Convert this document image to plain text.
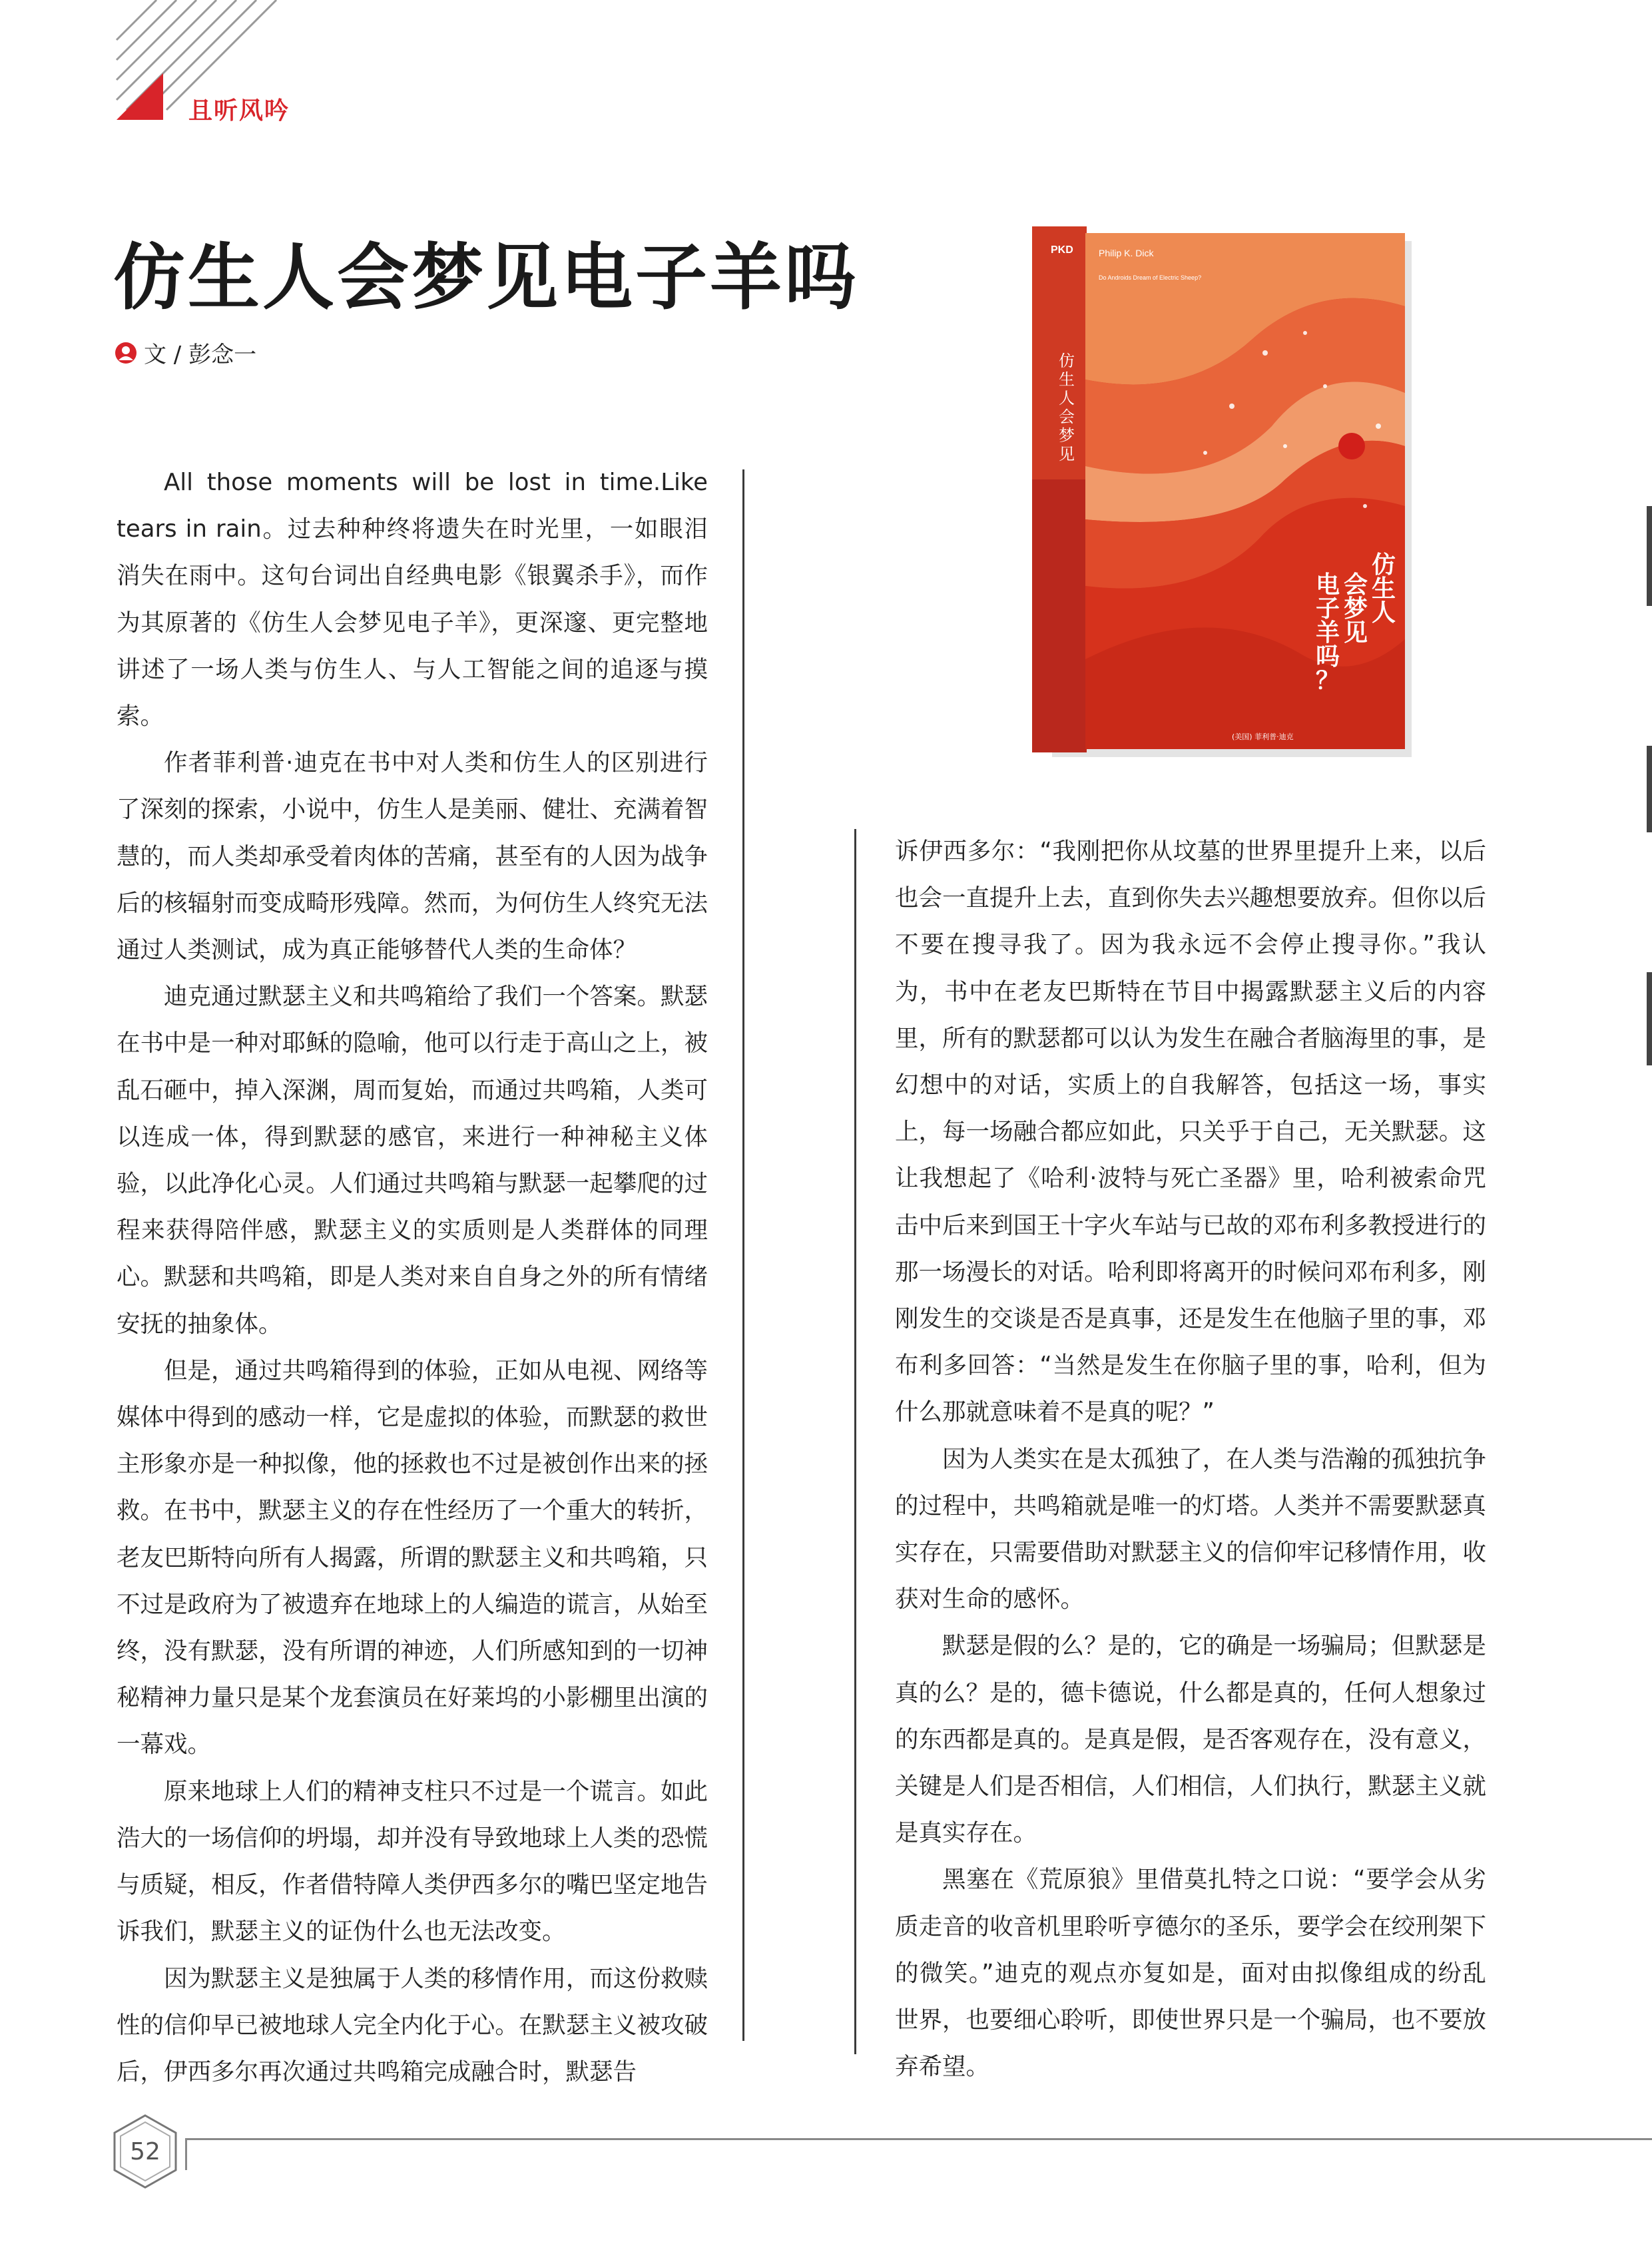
且听风吟
仿生人会梦见电子羊吗
文 / 彭念一
PKD
仿
生
人
会
梦
见
Philip K. Dick
Do Androids Dream of Electric Sheep?
仿
生
人
会
梦
见
电
子
羊
吗
？
(美国) 菲利普·迪克

All those moments will be lost in time.Like tears in rain。过去种种终将遗失在时光里，一如眼泪消失在雨中。这句台词出自经典电影《银翼杀手》，而作为其原著的《仿生人会梦见电子羊》，更深邃、更完整地讲述了一场人类与仿生人、与人工智能之间的追逐与摸索。

作者菲利普·迪克在书中对人类和仿生人的区别进行了深刻的探索，小说中，仿生人是美丽、健壮、充满着智慧的，而人类却承受着肉体的苦痛，甚至有的人因为战争后的核辐射而变成畸形残障。然而，为何仿生人终究无法通过人类测试，成为真正能够替代人类的生命体？

迪克通过默瑟主义和共鸣箱给了我们一个答案。默瑟在书中是一种对耶稣的隐喻，他可以行走于高山之上，被乱石砸中，掉入深渊，周而复始，而通过共鸣箱，人类可以连成一体，得到默瑟的感官，来进行一种神秘主义体验，以此净化心灵。人们通过共鸣箱与默瑟一起攀爬的过程来获得陪伴感，默瑟主义的实质则是人类群体的同理心。默瑟和共鸣箱，即是人类对来自自身之外的所有情绪安抚的抽象体。

但是，通过共鸣箱得到的体验，正如从电视、网络等媒体中得到的感动一样，它是虚拟的体验，而默瑟的救世主形象亦是一种拟像，他的拯救也不过是被创作出来的拯救。在书中，默瑟主义的存在性经历了一个重大的转折，老友巴斯特向所有人揭露，所谓的默瑟主义和共鸣箱，只不过是政府为了被遗弃在地球上的人编造的谎言，从始至终，没有默瑟，没有所谓的神迹，人们所感知到的一切神秘精神力量只是某个龙套演员在好莱坞的小影棚里出演的一幕戏。

原来地球上人们的精神支柱只不过是一个谎言。如此浩大的一场信仰的坍塌，却并没有导致地球上人类的恐慌与质疑，相反，作者借特障人类伊西多尔的嘴巴坚定地告诉我们，默瑟主义的证伪什么也无法改变。

因为默瑟主义是独属于人类的移情作用，而这份救赎性的信仰早已被地球人完全内化于心。在默瑟主义被攻破后，伊西多尔再次通过共鸣箱完成融合时，默瑟告

诉伊西多尔：“我刚把你从坟墓的世界里提升上来，以后也会一直提升上去，直到你失去兴趣想要放弃。但你以后不要在搜寻我了。因为我永远不会停止搜寻你。”我认为，书中在老友巴斯特在节目中揭露默瑟主义后的内容里，所有的默瑟都可以认为发生在融合者脑海里的事，是幻想中的对话，实质上的自我解答，包括这一场，事实上，每一场融合都应如此，只关乎于自己，无关默瑟。这让我想起了《哈利·波特与死亡圣器》里，哈利被索命咒击中后来到国王十字火车站与已故的邓布利多教授进行的那一场漫长的对话。哈利即将离开的时候问邓布利多，刚刚发生的交谈是否是真事，还是发生在他脑子里的事，邓布利多回答：“当然是发生在你脑子里的事，哈利，但为什么那就意味着不是真的呢？”

因为人类实在是太孤独了，在人类与浩瀚的孤独抗争的过程中，共鸣箱就是唯一的灯塔。人类并不需要默瑟真实存在，只需要借助对默瑟主义的信仰牢记移情作用，收获对生命的感怀。

默瑟是假的么？是的，它的确是一场骗局；但默瑟是真的么？是的，德卡德说，什么都是真的，任何人想象过的东西都是真的。是真是假，是否客观存在，没有意义，关键是人们是否相信，人们相信，人们执行，默瑟主义就是真实存在。

黑塞在《荒原狼》里借莫扎特之口说：“要学会从劣质走音的收音机里聆听亨德尔的圣乐，要学会在绞刑架下的微笑。”迪克的观点亦复如是，面对由拟像组成的纷乱世界，也要细心聆听，即使世界只是一个骗局，也不要放弃希望。

52
